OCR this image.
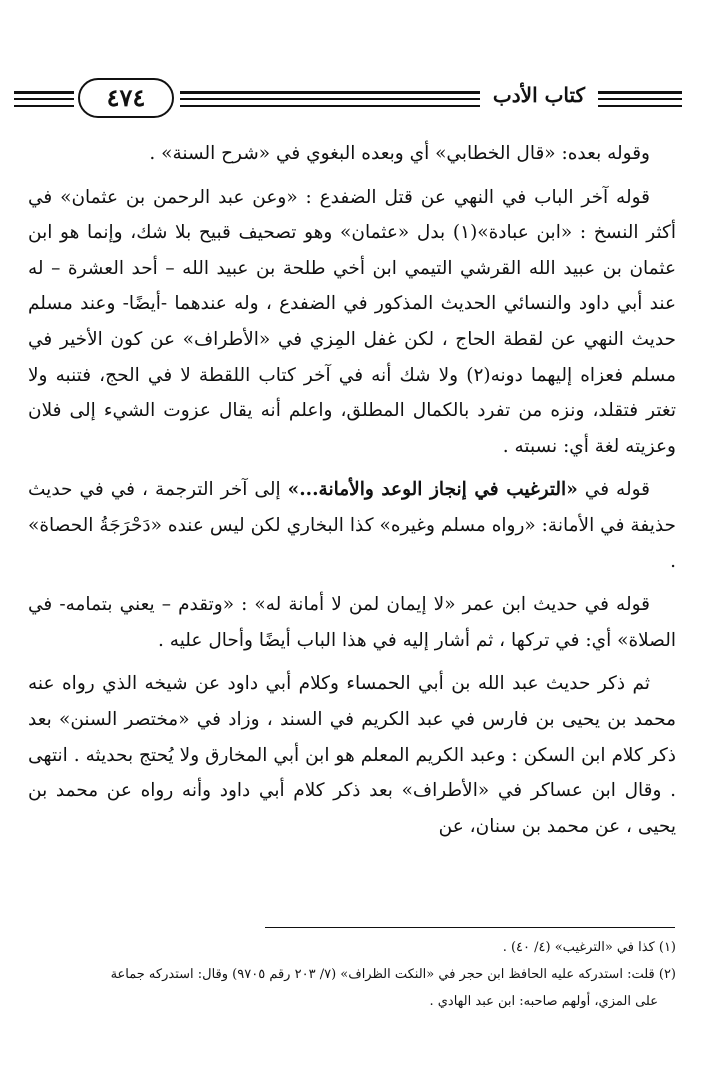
٤٧٤	كتاب الأدب

وقوله بعده: «قال الخطابي» أي وبعده البغوي في «شرح السنة» .

قوله آخر الباب في النهي عن قتل الضفدع : «وعن عبد الرحمن بن عثمان» في أكثر النسخ : «ابن عبادة»(١) بدل «عثمان» وهو تصحيف قبيح بلا شك، وإنما هو ابن عثمان بن عبيد الله القرشي التيمي ابن أخي طلحة بن عبيد الله – أحد العشرة – له عند أبي داود والنسائي الحديث المذكور في الضفدع ، وله عندهما -أيضًا- وعند مسلم حديث النهي عن لقطة الحاج ، لكن غفل المِزي في «الأطراف» عن كون الأخير في مسلم فعزاه إليهما دونه(٢) ولا شك أنه في آخر كتاب اللقطة لا في الحج، فتنبه ولا تغتر فتقلد، ونزه من تفرد بالكمال المطلق، واعلم أنه يقال عزوت الشيء إلى فلان وعزيته لغة أي: نسبته .

قوله في «الترغيب في إنجاز الوعد والأمانة...» إلى آخر الترجمة ، في في حديث حذيفة في الأمانة: «رواه مسلم وغيره» كذا البخاري لكن ليس عنده «دَحْرَجَةُ الحصاة» .

قوله في حديث ابن عمر «لا إيمان لمن لا أمانة له» : «وتقدم – يعني بتمامه- في الصلاة» أي: في تركها ، ثم أشار إليه في هذا الباب أيضًا وأحال عليه .

ثم ذكر حديث عبد الله بن أبي الحمساء وكلام أبي داود عن شيخه الذي رواه عنه محمد بن يحيى بن فارس في عبد الكريم في السند ، وزاد في «مختصر السنن» بعد ذكر كلام ابن السكن : وعبد الكريم المعلم هو ابن أبي المخارق ولا يُحتج بحديثه . انتهى . وقال ابن عساكر في «الأطراف» بعد ذكر كلام أبي داود وأنه رواه عن محمد بن يحيى ، عن محمد بن سنان، عن

(١) كذا في «الترغيب» (٤/ ٤٠) .

(٢) قلت: استدركه عليه الحافظ ابن حجر في «النكت الظراف» (٧/ ٢٠٣ رقم ٩٧٠٥) وقال: استدركه جماعة

على المزي، أولهم صاحبه: ابن عبد الهادي .
